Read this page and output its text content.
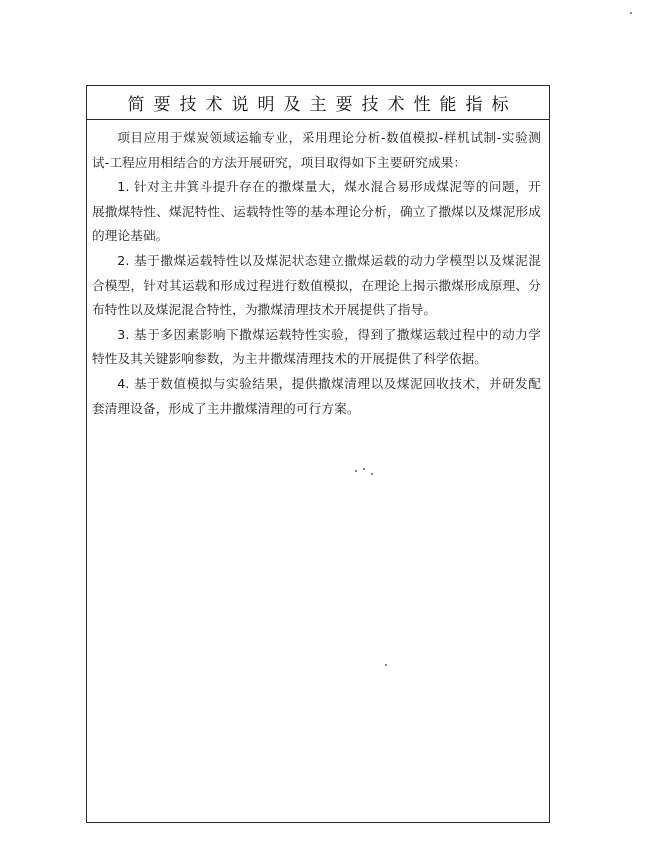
简要技术说明及主要技术性能指标

项目应用于煤炭领域运输专业，采用理论分析-数值模拟-样机试制-实验测试-工程应用相结合的方法开展研究，项目取得如下主要研究成果：

1. 针对主井箕斗提升存在的撒煤量大，煤水混合易形成煤泥等的问题，开展撒煤特性、煤泥特性、运载特性等的基本理论分析，确立了撒煤以及煤泥形成的理论基础。

2. 基于撒煤运载特性以及煤泥状态建立撒煤运载的动力学模型以及煤泥混合模型，针对其运载和形成过程进行数值模拟，在理论上揭示撒煤形成原理、分布特性以及煤泥混合特性，为撒煤清理技术开展提供了指导。

3. 基于多因素影响下撒煤运载特性实验，得到了撒煤运载过程中的动力学特性及其关键影响参数，为主井撒煤清理技术的开展提供了科学依据。

4. 基于数值模拟与实验结果，提供撒煤清理以及煤泥回收技术，并研发配套清理设备，形成了主井撒煤清理的可行方案。
